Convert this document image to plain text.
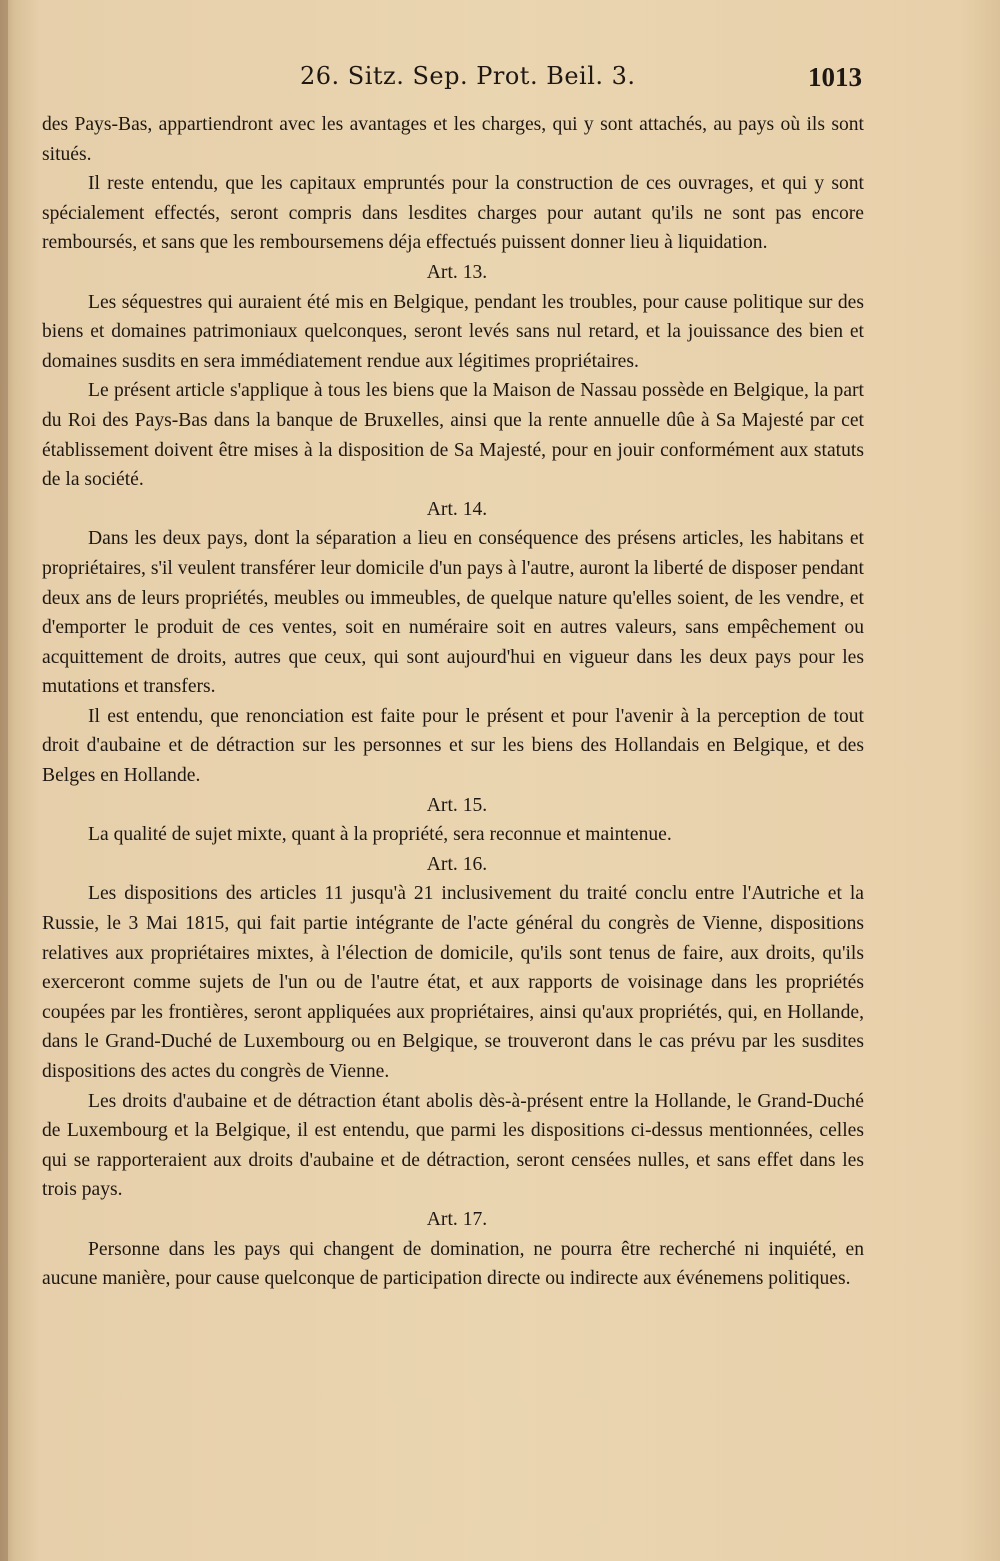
26. Sitz. Sep. Prot. Beil. 3.	1013

des Pays-Bas, appartiendront avec les avantages et les charges, qui y sont attachés, au pays où ils sont situés.

Il reste entendu, que les capitaux empruntés pour la construction de ces ouvrages, et qui y sont spécialement effectés, seront compris dans lesdites charges pour autant qu'ils ne sont pas encore remboursés, et sans que les remboursemens déja effectués puissent donner lieu à liquidation.

Art. 13.

Les séquestres qui auraient été mis en Belgique, pendant les troubles, pour cause politique sur des biens et domaines patrimoniaux quelconques, seront levés sans nul retard, et la jouissance des bien et domaines susdits en sera immédiatement rendue aux légitimes propriétaires.

Le présent article s'applique à tous les biens que la Maison de Nassau possède en Belgique, la part du Roi des Pays-Bas dans la banque de Bruxelles, ainsi que la rente annuelle dûe à Sa Majesté par cet établissement doivent être mises à la disposition de Sa Majesté, pour en jouir conformément aux statuts de la société.

Art. 14.

Dans les deux pays, dont la séparation a lieu en conséquence des présens articles, les habitans et propriétaires, s'il veulent transférer leur domicile d'un pays à l'autre, auront la liberté de disposer pendant deux ans de leurs propriétés, meubles ou immeubles, de quelque nature qu'elles soient, de les vendre, et d'emporter le produit de ces ventes, soit en numéraire soit en autres valeurs, sans empêchement ou acquittement de droits, autres que ceux, qui sont aujourd'hui en vigueur dans les deux pays pour les mutations et transfers.

Il est entendu, que renonciation est faite pour le présent et pour l'avenir à la perception de tout droit d'aubaine et de détraction sur les personnes et sur les biens des Hollandais en Belgique, et des Belges en Hollande.

Art. 15.

La qualité de sujet mixte, quant à la propriété, sera reconnue et maintenue.

Art. 16.

Les dispositions des articles 11 jusqu'à 21 inclusivement du traité conclu entre l'Autriche et la Russie, le 3 Mai 1815, qui fait partie intégrante de l'acte général du congrès de Vienne, dispositions relatives aux propriétaires mixtes, à l'élection de domicile, qu'ils sont tenus de faire, aux droits, qu'ils exerceront comme sujets de l'un ou de l'autre état, et aux rapports de voisinage dans les propriétés coupées par les frontières, seront appliquées aux propriétaires, ainsi qu'aux propriétés, qui, en Hollande, dans le Grand-Duché de Luxembourg ou en Belgique, se trouveront dans le cas prévu par les susdites dispositions des actes du congrès de Vienne.

Les droits d'aubaine et de détraction étant abolis dès-à-présent entre la Hollande, le Grand-Duché de Luxembourg et la Belgique, il est entendu, que parmi les dispositions ci-dessus mentionnées, celles qui se rapporteraient aux droits d'aubaine et de détraction, seront censées nulles, et sans effet dans les trois pays.

Art. 17.

Personne dans les pays qui changent de domination, ne pourra être recherché ni inquiété, en aucune manière, pour cause quelconque de participation directe ou indirecte aux événemens politiques.
